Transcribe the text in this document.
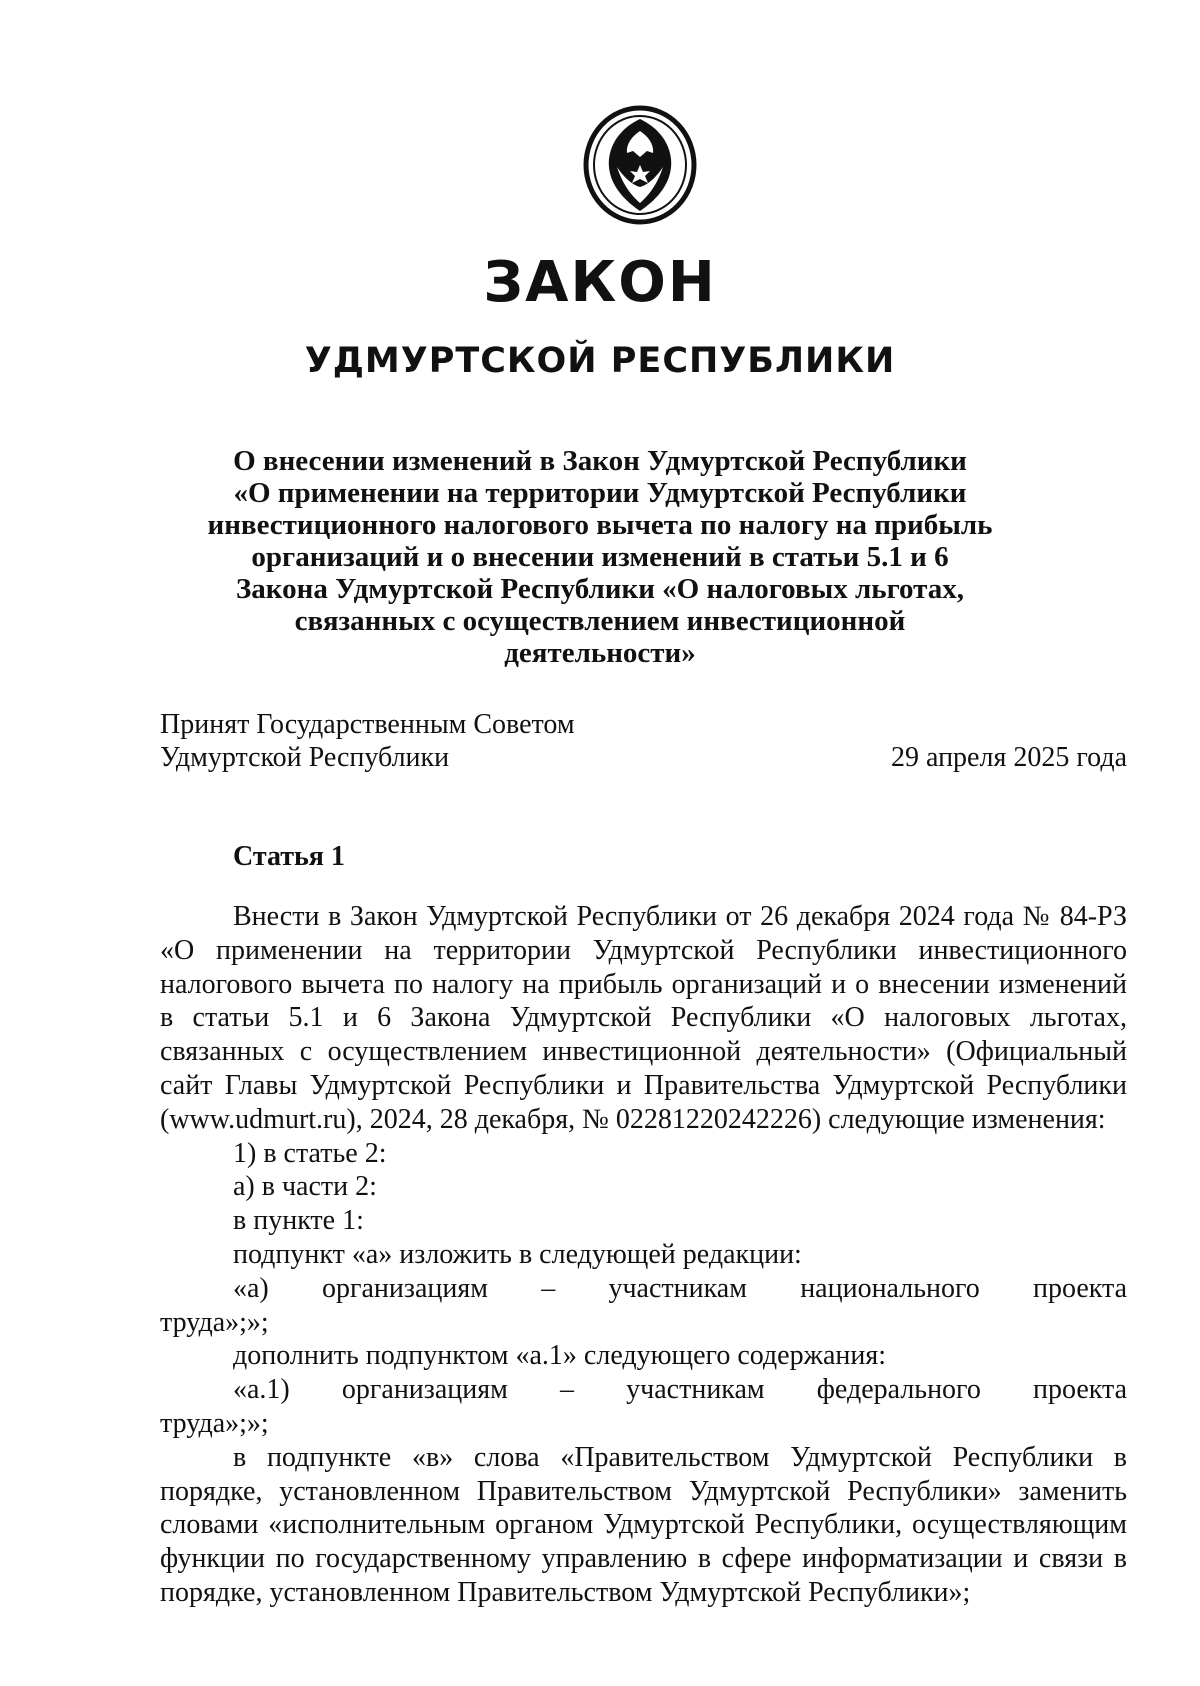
ЗАКОН
УДМУРТСКОЙ РЕСПУБЛИКИ
О внесении изменений в Закон Удмуртской Республики
«О применении на территории Удмуртской Республики
инвестиционного налогового вычета по налогу на прибыль
организаций и о внесении изменений в статьи 5.1 и 6
Закона Удмуртской Республики «О налоговых льготах,
связанных с осуществлением инвестиционной деятельности»
Принят Государственным Советом
Удмуртской Республики	29 апреля 2025 года
Статья 1
Внести в Закон Удмуртской Республики от 26 декабря 2024 года № 84-РЗ
«О применении на территории Удмуртской Республики инвестиционного
налогового вычета по налогу на прибыль организаций и о внесении изменений
в статьи 5.1 и 6 Закона Удмуртской Республики «О налоговых льготах,
связанных с осуществлением инвестиционной деятельности» (Официальный
сайт Главы Удмуртской Республики и Правительства Удмуртской Республики
(www.udmurt.ru), 2024, 28 декабря, № 02281220242226) следующие изменения:
1) в статье 2:
а) в части 2:
в пункте 1:
подпункт «а» изложить в следующей редакции:
«а) организациям – участникам национального проекта
труда»;»;
дополнить подпунктом «а.1» следующего содержания:
«а.1) организациям – участникам федерального проекта
труда»;»;
в подпункте «в» слова «Правительством Удмуртской Республики в
порядке, установленном Правительством Удмуртской Республики» заменить
словами «исполнительным органом Удмуртской Республики, осуществляющим
функции по государственному управлению в сфере информатизации и связи в
порядке, установленном Правительством Удмуртской Республики»;
